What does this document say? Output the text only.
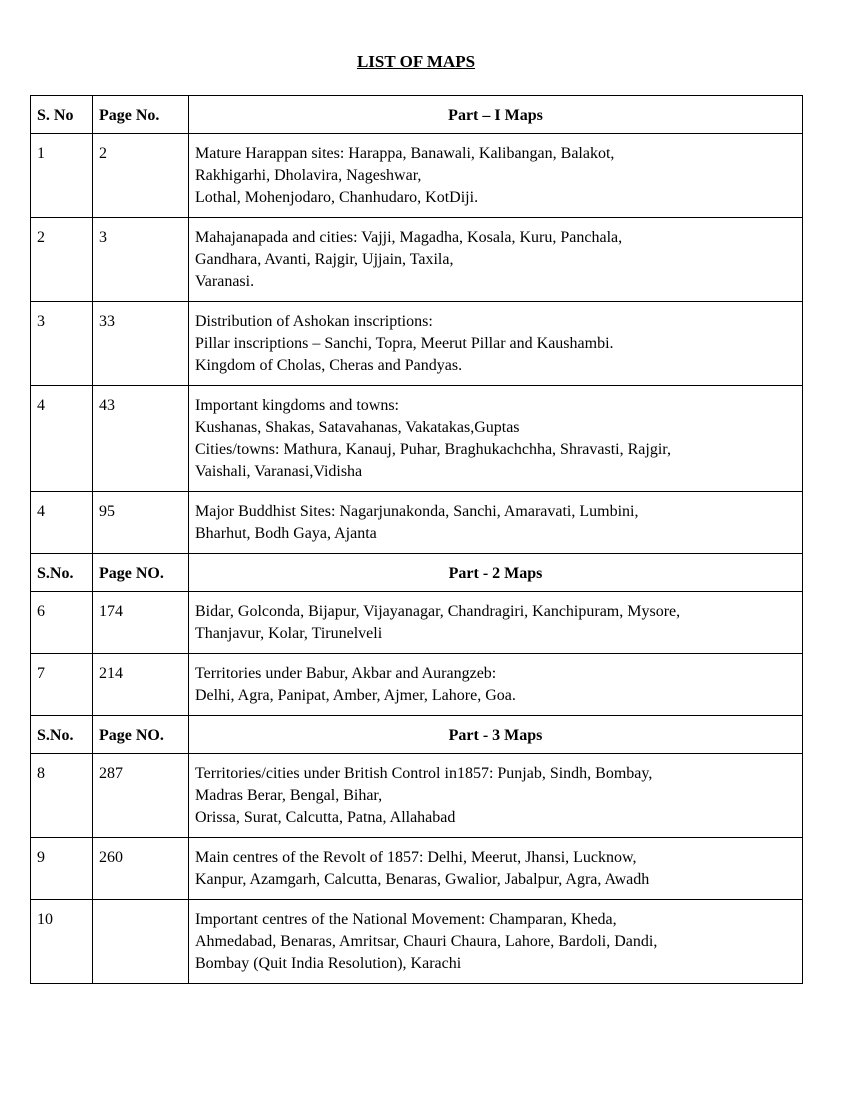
LIST OF MAPS
S. No	Page No.	Part – I Maps
1	2	Mature Harappan sites: Harappa, Banawali, Kalibangan, Balakot,
Rakhigarhi, Dholavira, Nageshwar,
Lothal, Mohenjodaro, Chanhudaro, KotDiji.

2	3	Mahajanapada and cities: Vajji, Magadha, Kosala, Kuru, Panchala,
Gandhara, Avanti, Rajgir, Ujjain, Taxila,
Varanasi.

3	33	Distribution of Ashokan inscriptions:
Pillar inscriptions – Sanchi, Topra, Meerut Pillar and Kaushambi.
Kingdom of Cholas, Cheras and Pandyas.

4	43	Important kingdoms and towns:
Kushanas, Shakas, Satavahanas, Vakatakas,Guptas
Cities/towns: Mathura, Kanauj, Puhar, Braghukachchha, Shravasti, Rajgir,
Vaishali, Varanasi,Vidisha

4	95	Major Buddhist Sites: Nagarjunakonda, Sanchi, Amaravati, Lumbini,
Bharhut, Bodh Gaya, Ajanta

S.No.	Page NO.	Part - 2 Maps
6	174	Bidar, Golconda, Bijapur, Vijayanagar, Chandragiri, Kanchipuram, Mysore,
Thanjavur, Kolar, Tirunelveli

7	214	Territories under Babur, Akbar and Aurangzeb:
Delhi, Agra, Panipat, Amber, Ajmer, Lahore, Goa.

S.No.	Page NO.	Part - 3 Maps
8	287	Territories/cities under British Control in1857: Punjab, Sindh, Bombay,
Madras Berar, Bengal, Bihar,
Orissa, Surat, Calcutta, Patna, Allahabad

9	260	Main centres of the Revolt of 1857: Delhi, Meerut, Jhansi, Lucknow,
Kanpur, Azamgarh, Calcutta, Benaras, Gwalior, Jabalpur, Agra, Awadh

10		Important centres of the National Movement: Champaran, Kheda,
Ahmedabad, Benaras, Amritsar, Chauri Chaura, Lahore, Bardoli, Dandi,
Bombay (Quit India Resolution), Karachi
